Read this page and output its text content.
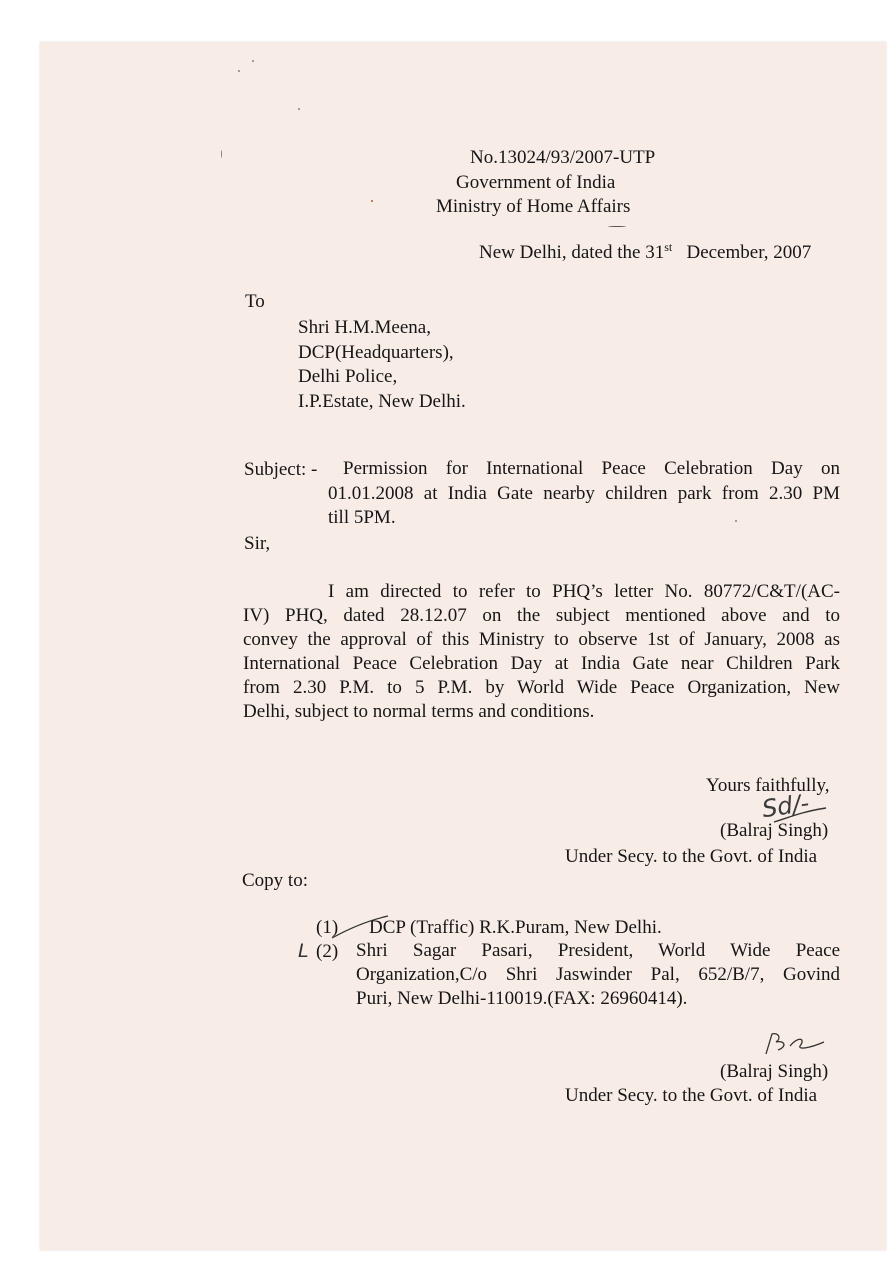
No.13024/93/2007-UTP
Government of India
Ministry of Home Affairs
New Delhi, dated the 31st December, 2007
To
Shri H.M.Meena,
DCP(Headquarters),
Delhi Police,
I.P.Estate, New Delhi.
Subject: - Permission for International Peace Celebration Day on
01.01.2008 at India Gate nearby children park from 2.30 PM
till 5PM.
Sir,
I am directed to refer to PHQ’s letter No. 80772/C&T/(AC-
IV) PHQ, dated 28.12.07 on the subject mentioned above and to
convey the approval of this Ministry to observe 1st of January, 2008 as
International Peace Celebration Day at India Gate near Children Park
from 2.30 P.M. to 5 P.M. by World Wide Peace Organization, New
Delhi, subject to normal terms and conditions.
Yours faithfully,
Sd/-
(Balraj Singh)
Under Secy. to the Govt. of India
Copy to:
(1) DCP (Traffic) R.K.Puram, New Delhi.
L (2) Shri Sagar Pasari, President, World Wide Peace
Organization,C/o Shri Jaswinder Pal, 652/B/7, Govind
Puri, New Delhi-110019.(FAX: 26960414).
(Balraj Singh)
Under Secy. to the Govt. of India
